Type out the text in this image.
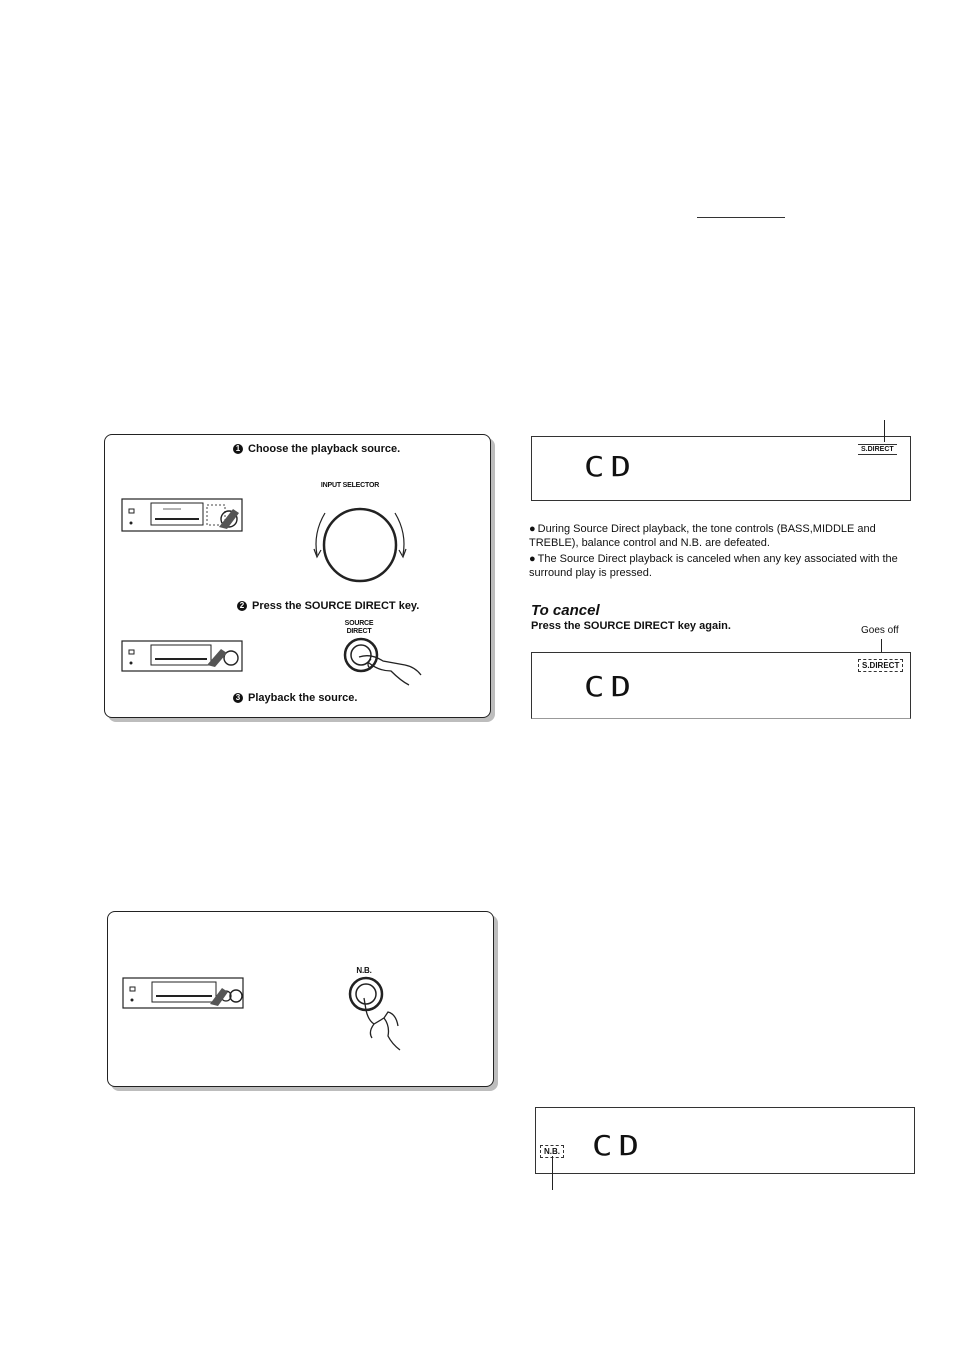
1 Choose the playback source.
INPUT SELECTOR
2 Press the SOURCE DIRECT key.
SOURCE DIRECT
3 Playback the source.
CD
S.DIRECT
● During Source Direct playback, the tone controls (BASS,MIDDLE and TREBLE), balance control and N.B. are defeated.
● The Source Direct playback is canceled when any key associated with the surround play is pressed.
To cancel
Press the SOURCE DIRECT key again.	Goes off
CD
S.DIRECT
N.B.
N.B. CD
